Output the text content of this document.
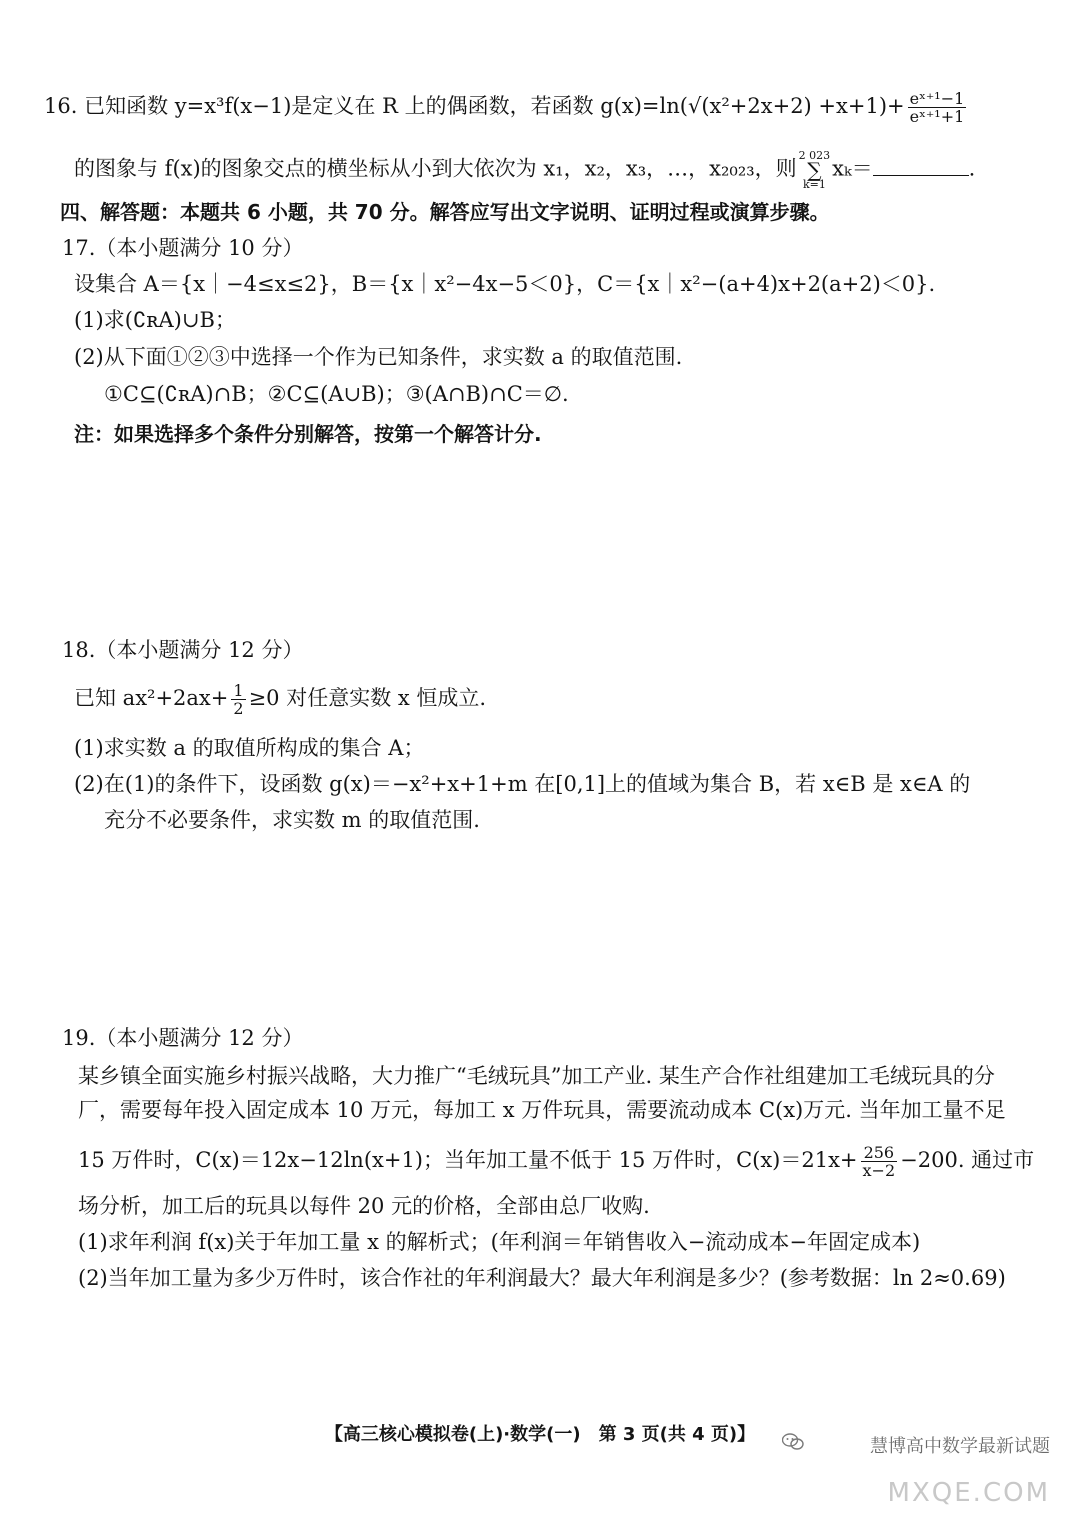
16. 已知函数 y=x³f(x−1)是定义在 R 上的偶函数，若函数 $g(x)=\ln(√(x^2+2x+2) +x+1)+ \frac{\text{eˣ⁺¹−1}}{\text{eˣ⁺¹+1}}$
的图象与 f(x)的图象交点的横坐标从小到大依次为 x₁，x₂，x₃，…，x₂₀₂₃，则
2 023
∑
k=1
xₖ＝	.
四、解答题：本题共 6 小题，共 70 分。解答应写出文字说明、证明过程或演算步骤。
17.（本小题满分 10 分）
设集合 A＝{x｜−4≤x≤2}，B＝{x｜x²−4x−5＜0}，C＝{x｜x²−(a+4)x+2(a+2)＜0}.
(1)求(∁ʀA)∪B；
(2)从下面①②③中选择一个作为已知条件，求实数 a 的取值范围.
①C⊆(∁ʀA)∩B；②C⊆(A∪B)；③(A∩B)∩C＝∅.
注：如果选择多个条件分别解答，按第一个解答计分.
18.（本小题满分 12 分）
已知 $ax^2+2ax+ \frac{1}{2} \ge 0$ 对任意实数 x 恒成立.
(1)求实数 a 的取值所构成的集合 A；
(2)在(1)的条件下，设函数 g(x)＝−x²+x+1+m 在[0,1]上的值域为集合 B，若 x∈B 是 x∈A 的
充分不必要条件，求实数 m 的取值范围.
19.（本小题满分 12 分）
某乡镇全面实施乡村振兴战略，大力推广“毛绒玩具”加工产业. 某生产合作社组建加工毛绒玩具的分
厂，需要每年投入固定成本 10 万元，每加工 x 万件玩具，需要流动成本 C(x)万元. 当年加工量不足
15 万件时，C(x)＝12x−12ln(x+1)；当年加工量不低于 15 万件时，$C(x)=21x+ \frac{256}{x-2} -200$. 通过市
场分析，加工后的玩具以每件 20 元的价格，全部由总厂收购.
(1)求年利润 f(x)关于年加工量 x 的解析式；(年利润＝年销售收入−流动成本−年固定成本)
(2)当年加工量为多少万件时，该合作社的年利润最大？最大年利润是多少？(参考数据：ln 2≈0.69)
【高三核心模拟卷(上)·数学(一)　第 3 页(共 4 页)】
慧博高中数学最新试题
MXQE.COM
